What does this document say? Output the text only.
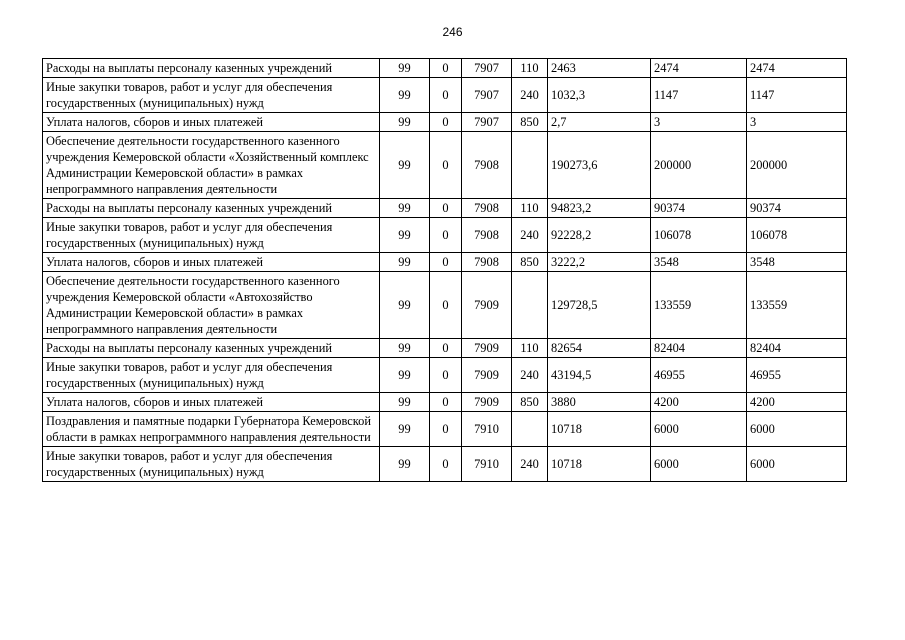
246
Расходы на выплаты персоналу казенных учреждений	99	0	7907	110	2463	2474	2474
Иные закупки товаров, работ и услуг для обеспечения государственных (муниципальных) нужд	99	0	7907	240	1032,3	1147	1147
Уплата налогов, сборов и иных платежей	99	0	7907	850	2,7	3	3
Обеспечение деятельности государственного казенного учреждения Кемеровской области «Хозяйственный комплекс Администрации Кемеровской области» в рамках непрограммного направления деятельности	99	0	7908		190273,6	200000	200000
Расходы на выплаты персоналу казенных учреждений	99	0	7908	110	94823,2	90374	90374
Иные закупки товаров, работ и услуг для обеспечения государственных (муниципальных) нужд	99	0	7908	240	92228,2	106078	106078
Уплата налогов, сборов и иных платежей	99	0	7908	850	3222,2	3548	3548
Обеспечение деятельности государственного казенного учреждения Кемеровской области «Автохозяйство Администрации Кемеровской области» в рамках непрограммного направления деятельности	99	0	7909		129728,5	133559	133559
Расходы на выплаты персоналу казенных учреждений	99	0	7909	110	82654	82404	82404
Иные закупки товаров, работ и услуг для обеспечения государственных (муниципальных) нужд	99	0	7909	240	43194,5	46955	46955
Уплата налогов, сборов и иных платежей	99	0	7909	850	3880	4200	4200
Поздравления и памятные подарки Губернатора Кемеровской области в рамках непрограммного направления деятельности	99	0	7910		10718	6000	6000
Иные закупки товаров, работ и услуг для обеспечения государственных (муниципальных) нужд	99	0	7910	240	10718	6000	6000
